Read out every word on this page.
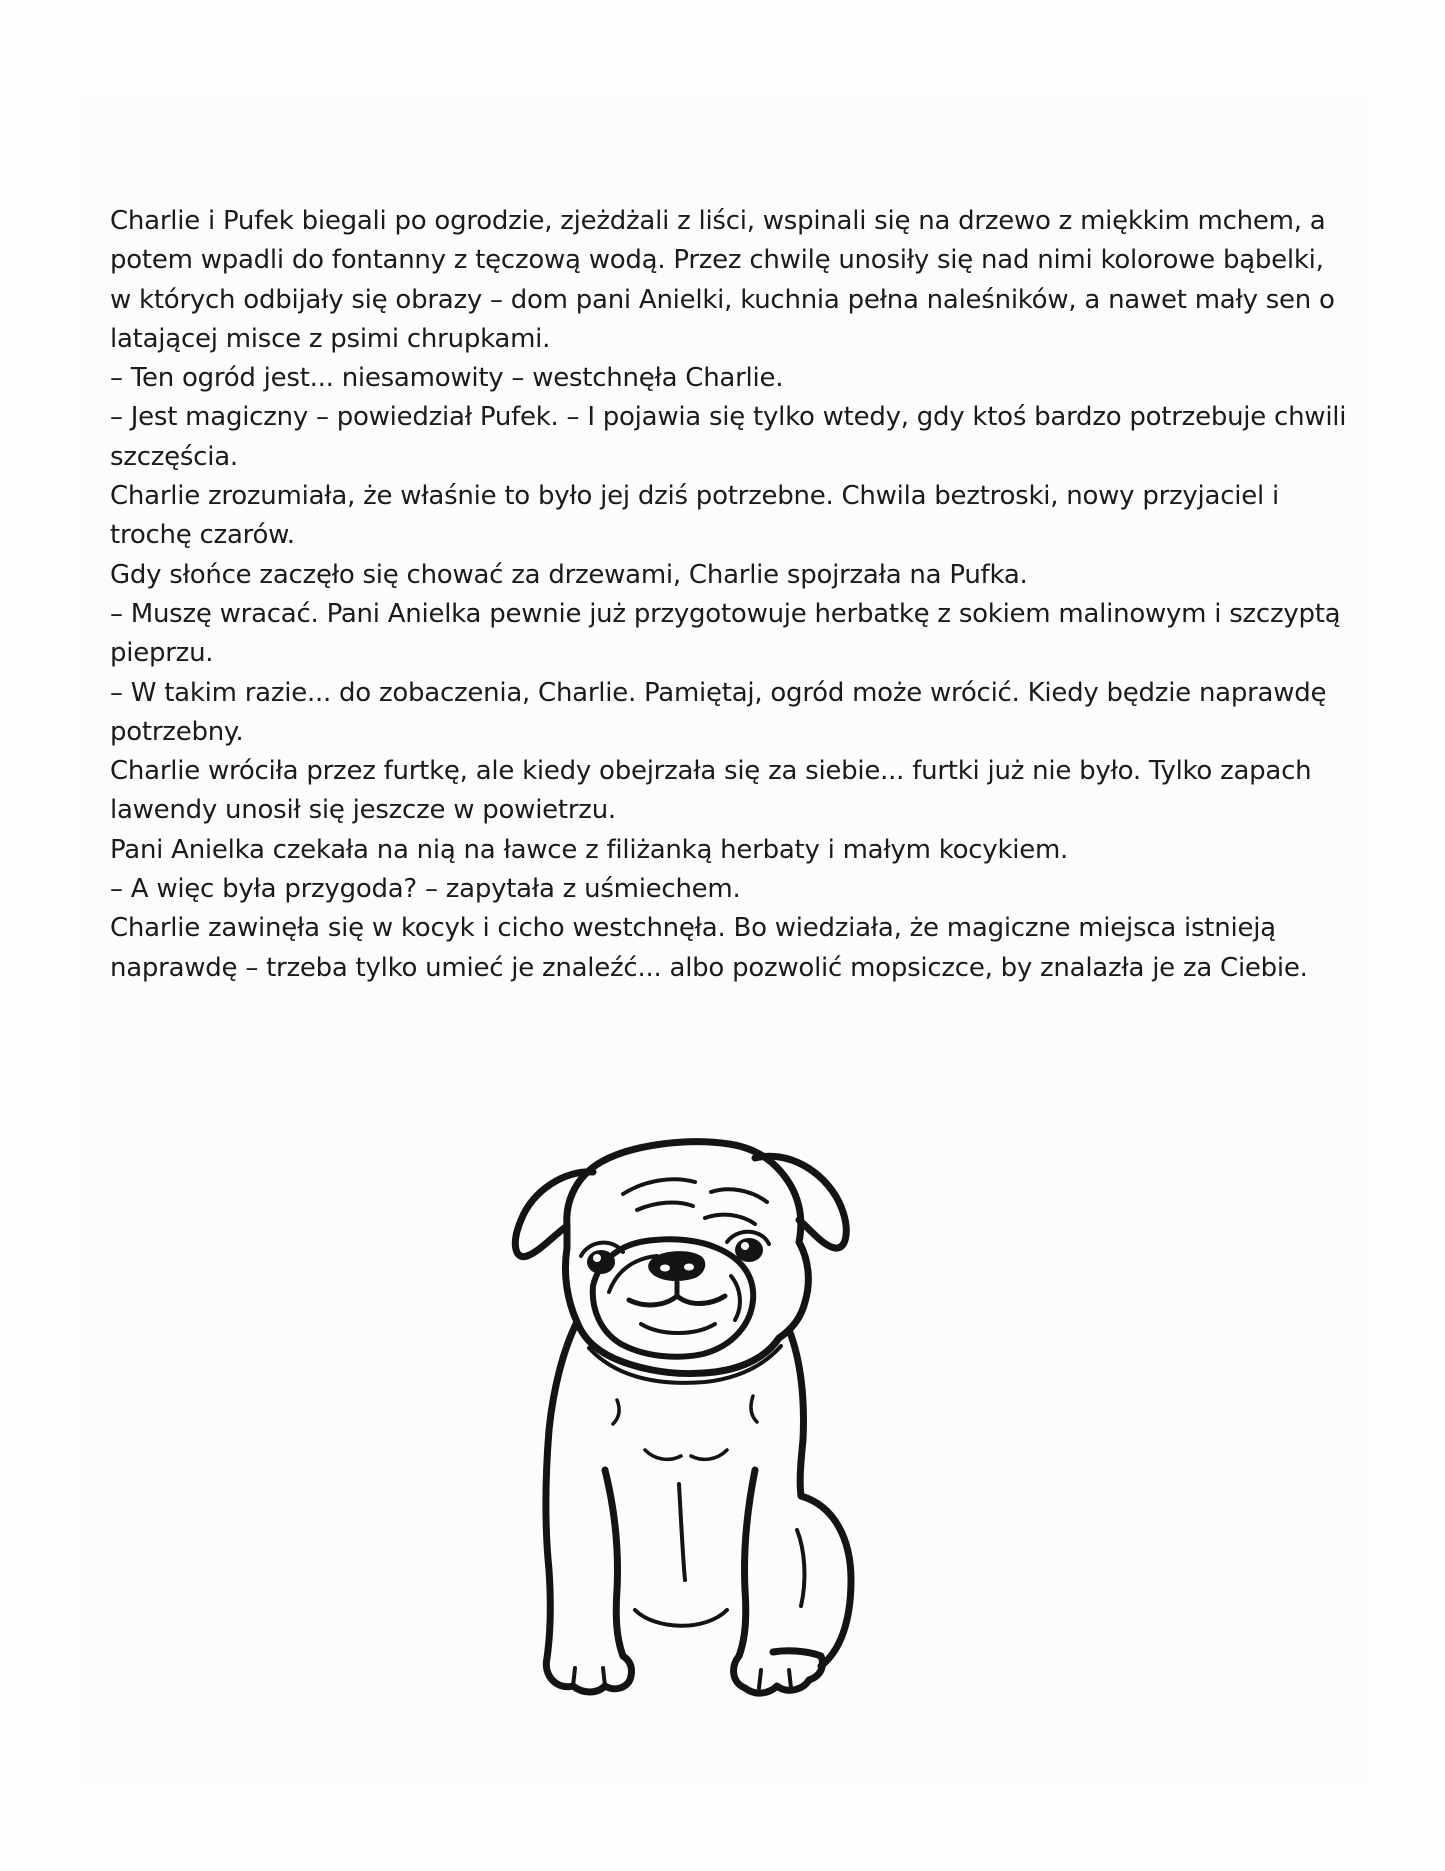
Charlie i Pufek biegali po ogrodzie, zjeżdżali z liści, wspinali się na drzewo z miękkim mchem, a potem wpadli do fontanny z tęczową wodą. Przez chwilę unosiły się nad nimi kolorowe bąbelki, w których odbijały się obrazy – dom pani Anielki, kuchnia pełna naleśników, a nawet mały sen o latającej misce z psimi chrupkami.

– Ten ogród jest... niesamowity – westchnęła Charlie.

– Jest magiczny – powiedział Pufek. – I pojawia się tylko wtedy, gdy ktoś bardzo potrzebuje chwili szczęścia.

Charlie zrozumiała, że właśnie to było jej dziś potrzebne. Chwila beztroski, nowy przyjaciel i trochę czarów.

Gdy słońce zaczęło się chować za drzewami, Charlie spojrzała na Pufka.

– Muszę wracać. Pani Anielka pewnie już przygotowuje herbatkę z sokiem malinowym i szczyptą pieprzu.

– W takim razie... do zobaczenia, Charlie. Pamiętaj, ogród może wrócić. Kiedy będzie naprawdę potrzebny.

Charlie wróciła przez furtkę, ale kiedy obejrzała się za siebie... furtki już nie było. Tylko zapach lawendy unosił się jeszcze w powietrzu.

Pani Anielka czekała na nią na ławce z filiżanką herbaty i małym kocykiem.

– A więc była przygoda? – zapytała z uśmiechem.

Charlie zawinęła się w kocyk i cicho westchnęła. Bo wiedziała, że magiczne miejsca istnieją naprawdę – trzeba tylko umieć je znaleźć... albo pozwolić mopsiczce, by znalazła je za Ciebie.
